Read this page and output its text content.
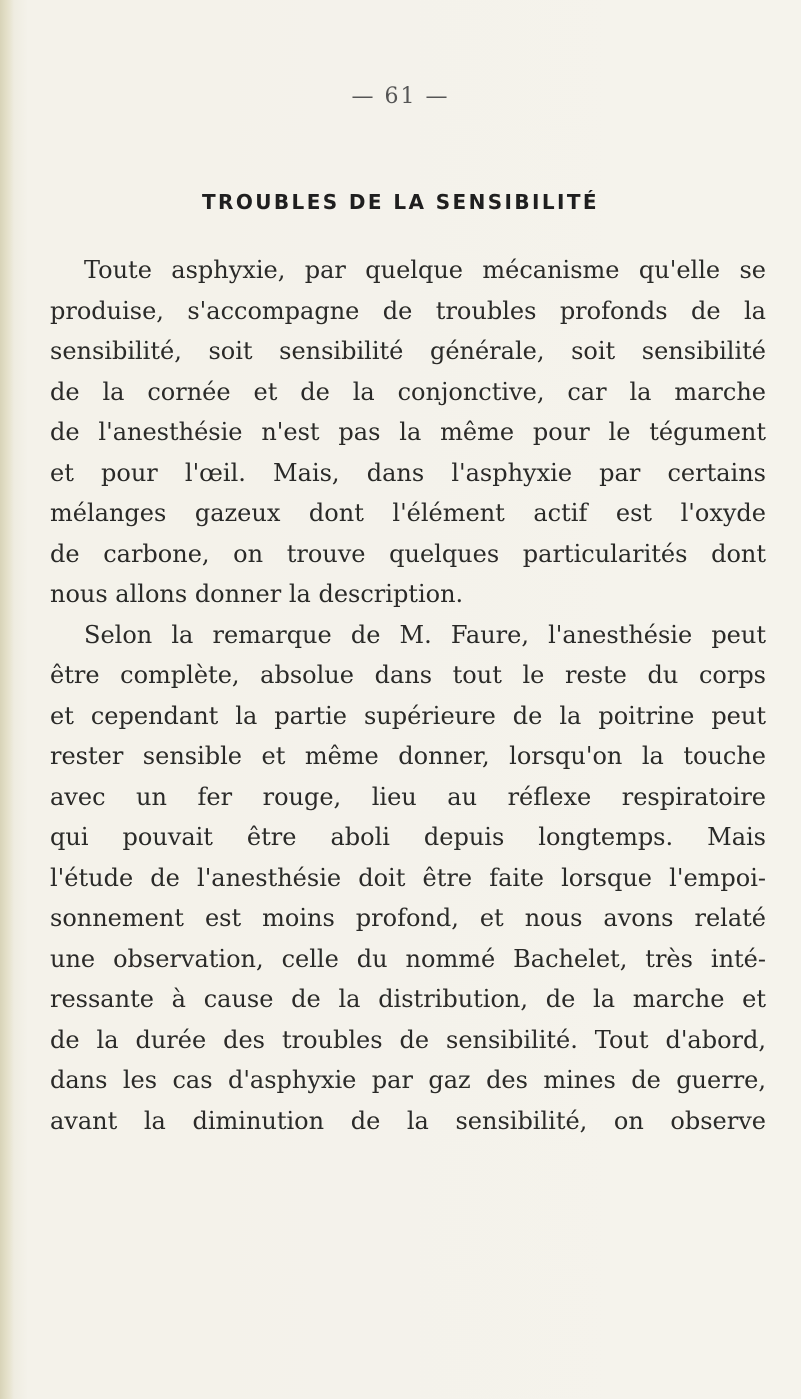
— 61 —
TROUBLES DE LA SENSIBILITÉ
Toute asphyxie, par quelque mécanisme qu'elle se
produise, s'accompagne de troubles profonds de la
sensibilité, soit sensibilité générale, soit sensibilité
de la cornée et de la conjonctive, car la marche
de l'anesthésie n'est pas la même pour le tégument
et pour l'œil. Mais, dans l'asphyxie par certains
mélanges gazeux dont l'élément actif est l'oxyde
de carbone, on trouve quelques particularités dont
nous allons donner la description.
Selon la remarque de M. Faure, l'anesthésie peut
être complète, absolue dans tout le reste du corps
et cependant la partie supérieure de la poitrine peut
rester sensible et même donner, lorsqu'on la touche
avec un fer rouge, lieu au réflexe respiratoire
qui pouvait être aboli depuis longtemps. Mais
l'étude de l'anesthésie doit être faite lorsque l'empoi-
sonnement est moins profond, et nous avons relaté
une observation, celle du nommé Bachelet, très inté-
ressante à cause de la distribution, de la marche et
de la durée des troubles de sensibilité. Tout d'abord,
dans les cas d'asphyxie par gaz des mines de guerre,
avant la diminution de la sensibilité, on observe
